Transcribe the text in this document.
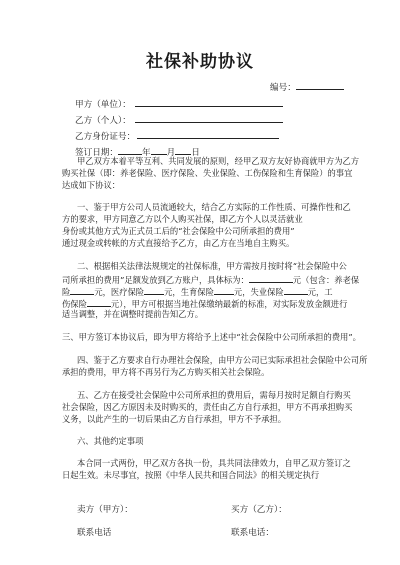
社保补助协议
编号：
甲方（单位）：
乙方（个人）：
乙方身份证号：
签订日期：	年 月 日
甲乙双方本着平等互利、共同发展的原则，经甲乙双方友好协商就甲方为乙方
购买社保（即：养老保险、医疗保险、失业保险、工伤保险和生育保险）的事宜
达成如下协议：
一、鉴于甲方公司人员流通较大，结合乙方实际的工作性质、可操作性和乙
方的要求，甲方同意乙方以个人购买社保，即乙方个人以灵活就业
身份或其他方式为正式员工后的“社会保险中公司所承担的费用”
通过现金或转帐的方式直接给予乙方，由乙方在当地自主购买。
二、根据相关法律法规规定的社保标准，甲方需按月按时将“社会保险中公
司所承担的费用”足额发放到乙方账户，具体标为：	元（包含：养老保
险	元，医疗保险 元，生育保险 元，失业保险	元，工
伤保险	元），甲方可根据当地社保缴纳最新的标准，对实际发放金额进行
适当调整，并在调整时提前告知乙方。
三、甲方签订本协议后，即为甲方将给予上述中“社会保险中公司所承担的费用”。
四、鉴于乙方要求自行办理社会保险，由甲方公司已实际承担社会保险中公司所
承担的费用，甲方将不再另行为乙方购买相关社会保险。
五、乙方在接受社会保险中公司所承担的费用后，需每月按时足额自行购买
社会保险，因乙方原因未及时购买的，责任由乙方自行承担，甲方不再承担购买
义务，以此产生的一切后果由乙方自行承担，甲方不予承担。
六、其他约定事项
本合同一式两份，甲乙双方各执一份，具共同法律效力，自甲乙双方签订之
日起生效。未尽事宜，按照《中华人民共和国合同法》的相关规定执行
卖方（甲方）：	买方（乙方）：
联系电话	联系电话：
